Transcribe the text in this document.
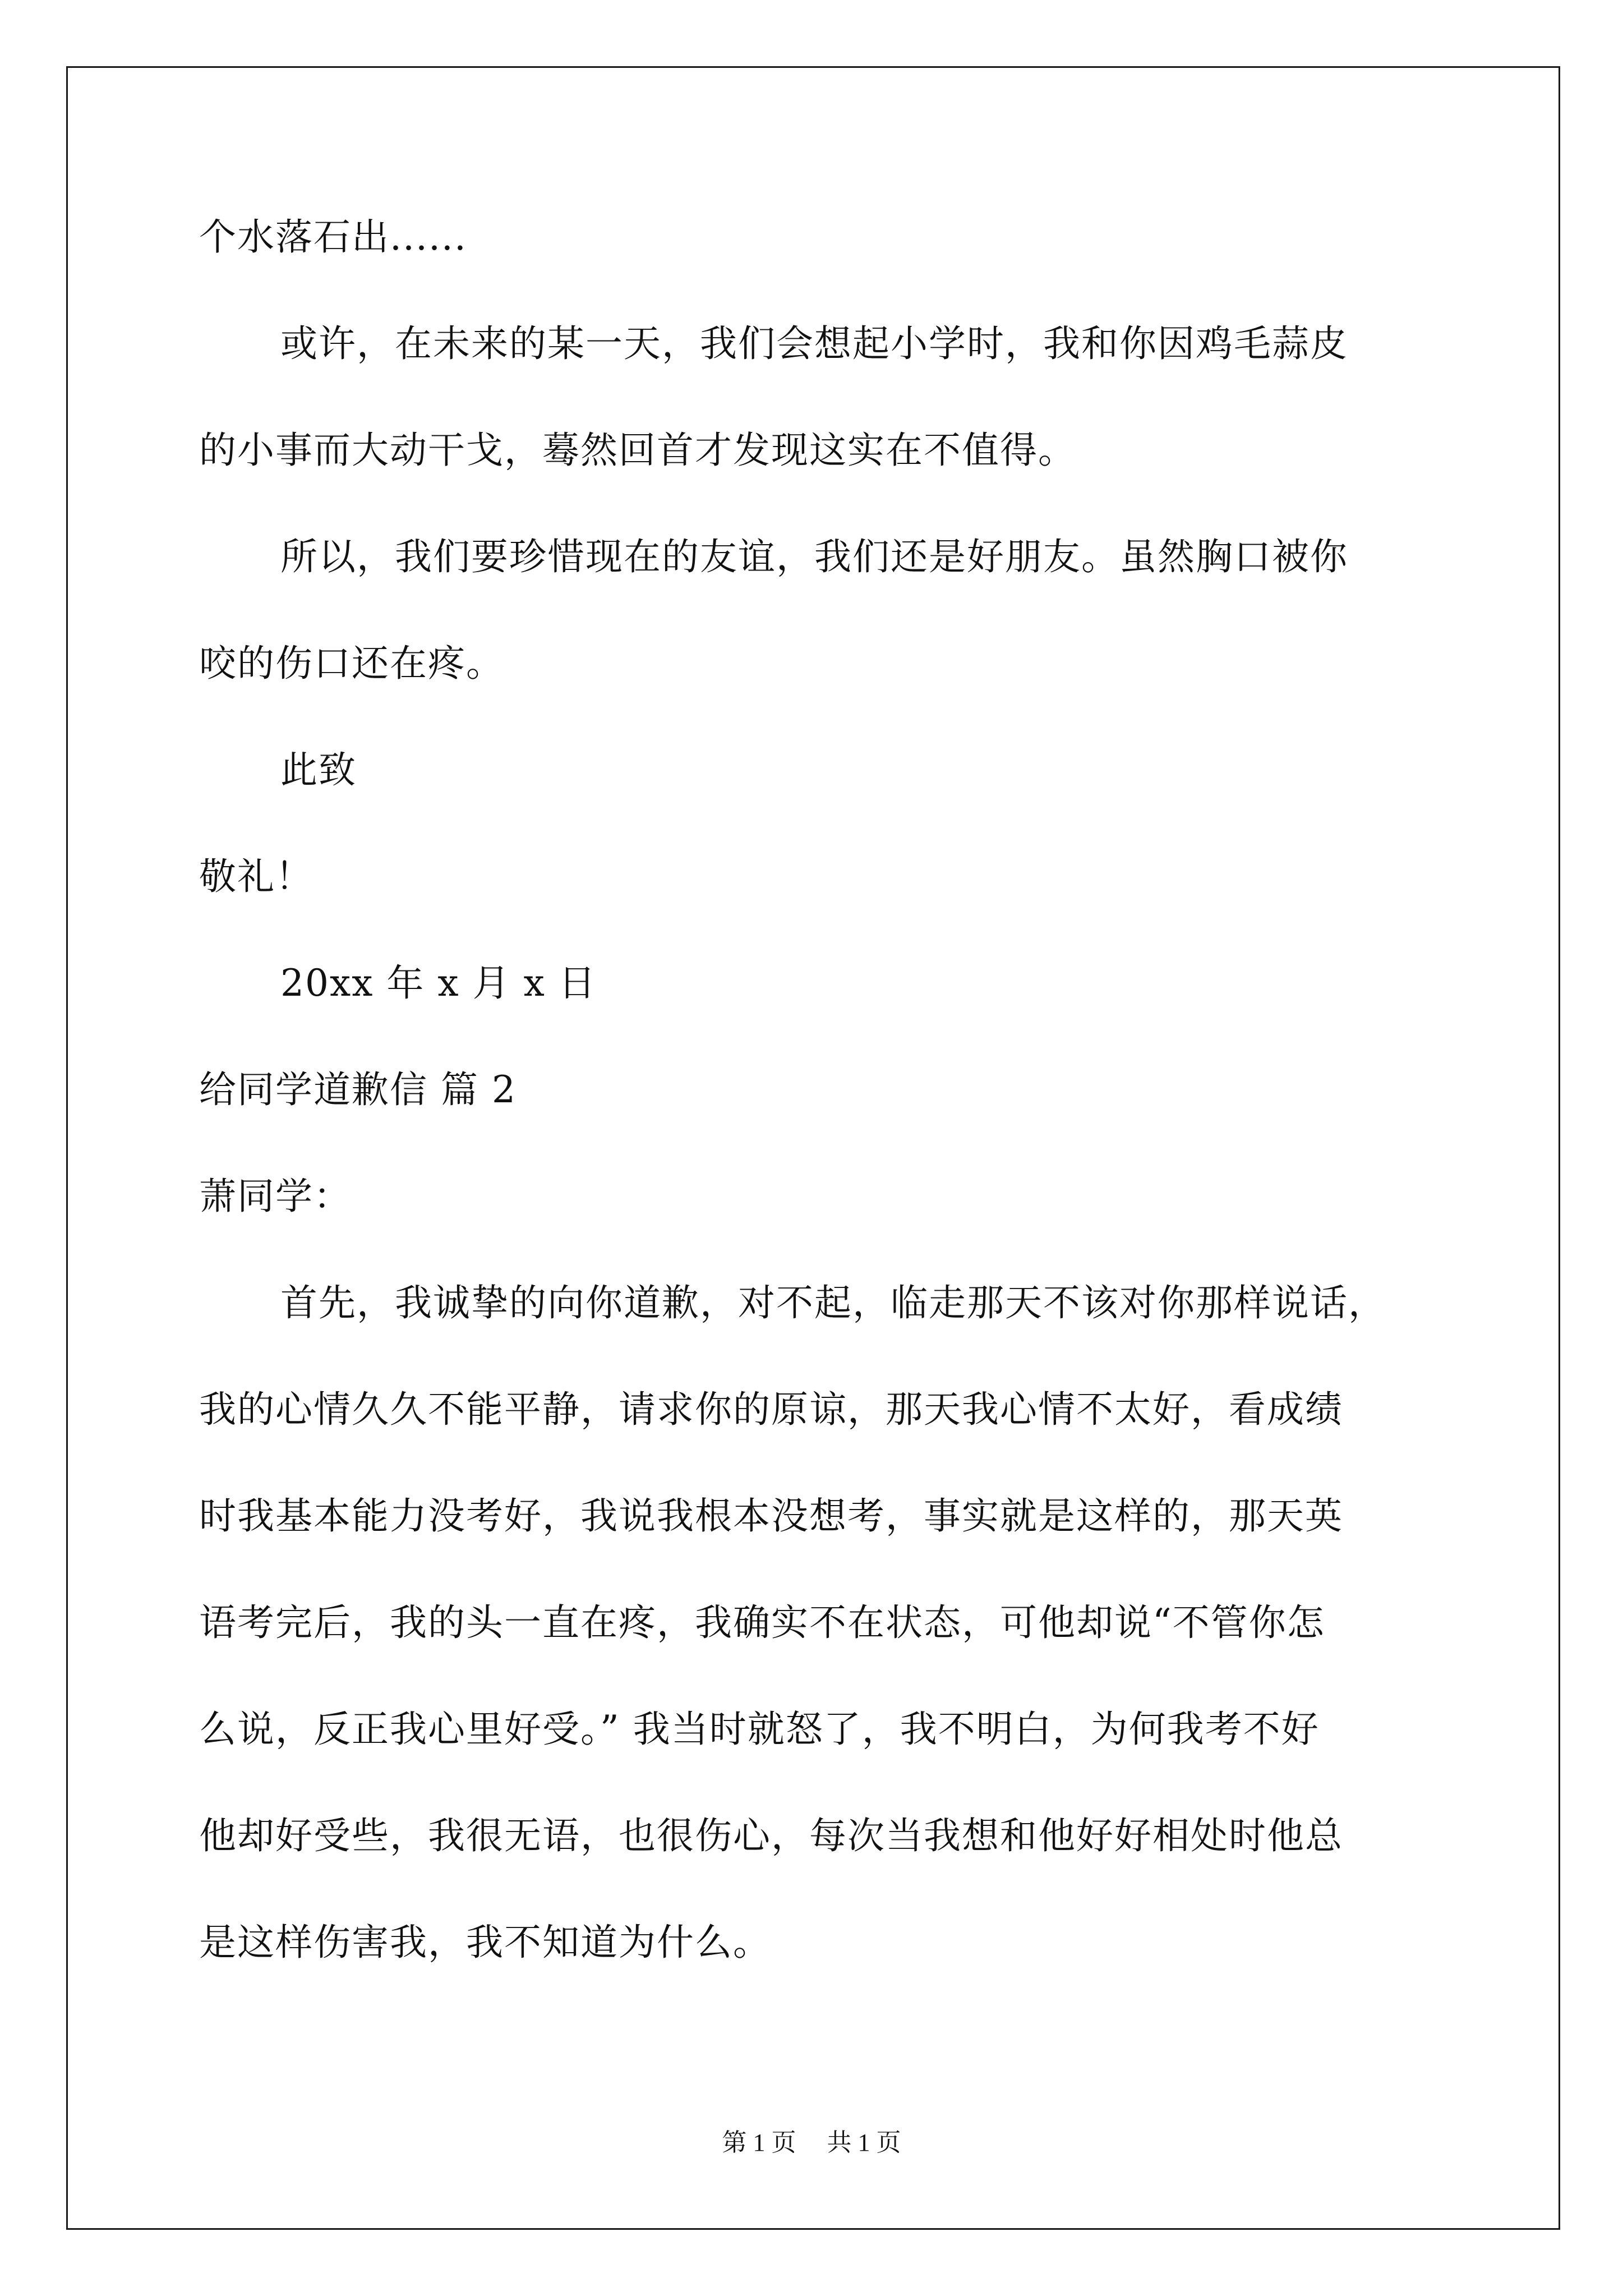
个水落石出......
或许，在未来的某一天，我们会想起小学时，我和你因鸡毛蒜皮
的小事而大动干戈，蓦然回首才发现这实在不值得。
所以，我们要珍惜现在的友谊，我们还是好朋友。虽然胸口被你
咬的伤口还在疼。
此致
敬礼！
20xx 年 x 月 x 日
给同学道歉信 篇 2
萧同学：
首先，我诚挚的向你道歉，对不起，临走那天不该对你那样说话，
我的心情久久不能平静，请求你的原谅，那天我心情不太好，看成绩
时我基本能力没考好，我说我根本没想考，事实就是这样的，那天英
语考完后，我的头一直在疼，我确实不在状态，可他却说“不管你怎
么说，反正我心里好受。” 我当时就怒了，我不明白，为何我考不好
他却好受些，我很无语，也很伤心，每次当我想和他好好相处时他总
是这样伤害我，我不知道为什么。
第 1 页 共 1 页
